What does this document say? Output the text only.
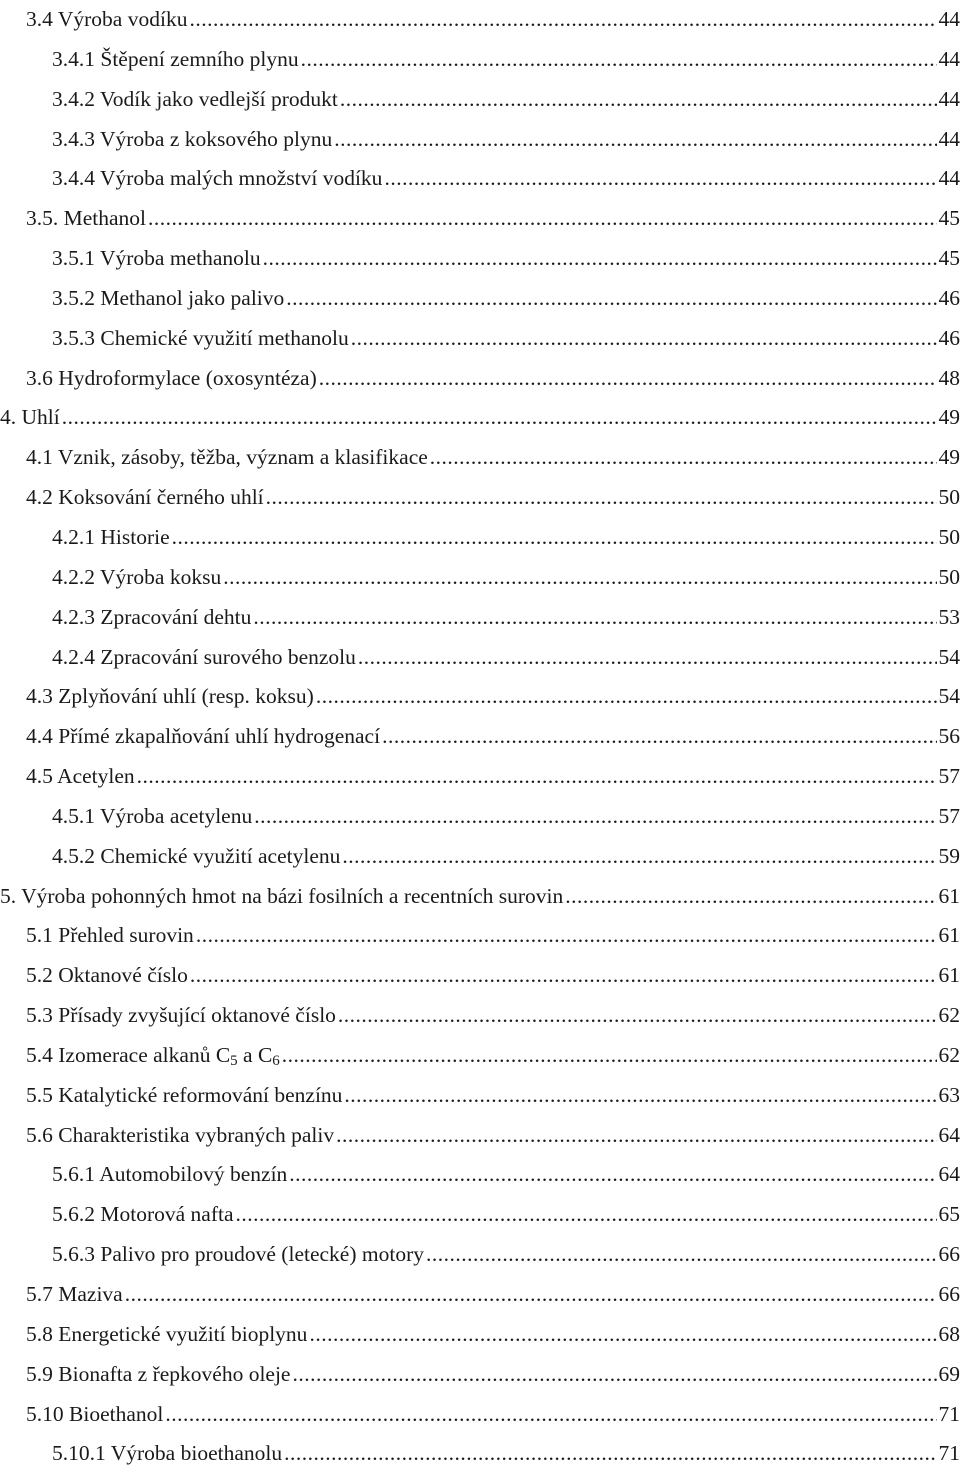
3.4 Výroba vodíku .....	44
3.4.1 Štěpení zemního plynu .....	44
3.4.2 Vodík jako vedlejší produkt .....	44
3.4.3 Výroba z koksového plynu .....	44
3.4.4 Výroba malých množství vodíku .....	44
3.5. Methanol .....	45
3.5.1 Výroba methanolu .....	45
3.5.2 Methanol jako palivo .....	46
3.5.3 Chemické využití methanolu .....	46
3.6 Hydroformylace (oxosyntéza) .....	48
4. Uhlí .....	49
4.1 Vznik, zásoby, těžba, význam a klasifikace .....	49
4.2 Koksování černého uhlí .....	50
4.2.1 Historie .....	50
4.2.2 Výroba koksu .....	50
4.2.3 Zpracování dehtu .....	53
4.2.4 Zpracování surového benzolu .....	54
4.3 Zplyňování uhlí (resp. koksu) .....	54
4.4 Přímé zkapalňování uhlí hydrogenací .....	56
4.5 Acetylen .....	57
4.5.1 Výroba acetylenu .....	57
4.5.2 Chemické využití acetylenu .....	59
5. Výroba pohonných hmot na bázi fosilních a recentních surovin .....	61
5.1 Přehled surovin .....	61
5.2 Oktanové číslo .....	61
5.3 Přísady zvyšující oktanové číslo .....	62
5.4 Izomerace alkanů $C_5$ a $C_6$ .....	62
5.5 Katalytické reformování benzínu .....	63
5.6 Charakteristika vybraných paliv .....	64
5.6.1 Automobilový benzín .....	64
5.6.2 Motorová nafta .....	65
5.6.3 Palivo pro proudové (letecké) motory .....	66
5.7 Maziva .....	66
5.8 Energetické využití bioplynu .....	68
5.9 Bionafta z řepkového oleje .....	69
5.10 Bioethanol .....	71
5.10.1 Výroba bioethanolu .....	71
